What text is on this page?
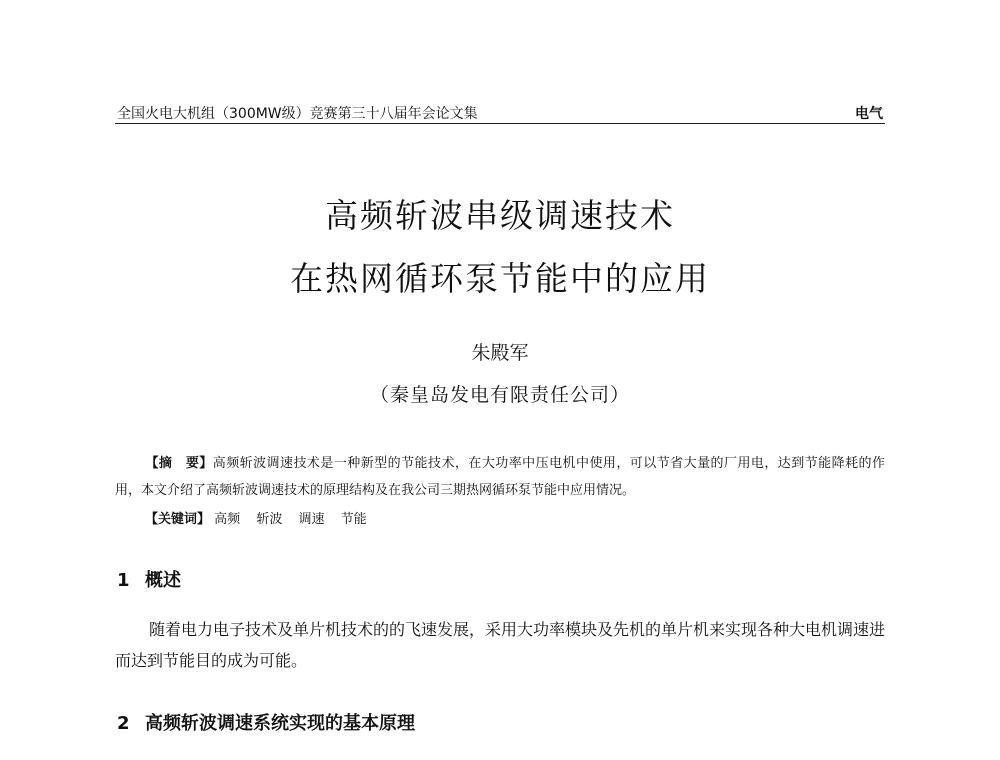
全国火电大机组（300MW级）竞赛第三十八届年会论文集	电气
高频斩波串级调速技术
在热网循环泵节能中的应用
朱殿军
（秦皇岛发电有限责任公司）
【摘　要】高频斩波调速技术是一种新型的节能技术，在大功率中压电机中使用，可以节省大量的厂用电，达到节能降耗的作用，本文介绍了高频斩波调速技术的原理结构及在我公司三期热网循环泵节能中应用情况。
【关键词】 高频 斩波 调速 节能
1 概述
随着电力电子技术及单片机技术的的飞速发展，采用大功率模块及先机的单片机来实现各种大电机调速进而达到节能目的成为可能。
2 高频斩波调速系统实现的基本原理
